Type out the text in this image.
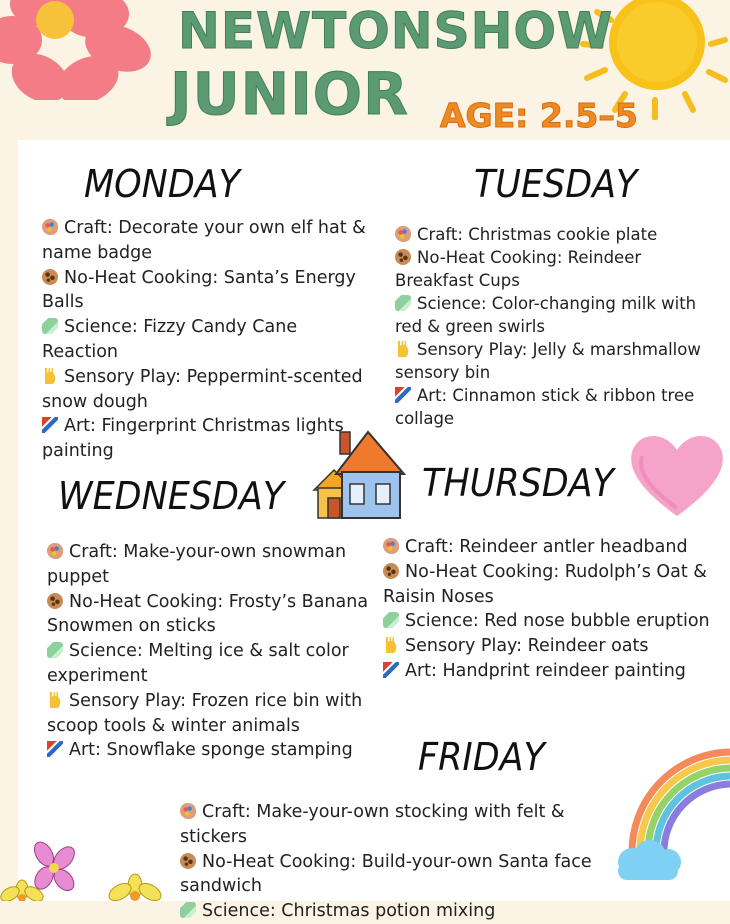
NEWTONSHOW
JUNIOR AGE: 2.5–5
MONDAY	TUESDAY
WEDNESDAY	THURSDAY
FRIDAY
Craft: Decorate your own elf hat & name badge
No-Heat Cooking: Santa’s Energy Balls
Science: Fizzy Candy Cane Reaction
Sensory Play: Peppermint-scented snow dough
Art: Fingerprint Christmas lights painting
Craft: Christmas cookie plate
No-Heat Cooking: Reindeer Breakfast Cups
Science: Color-changing milk with red & green swirls
Sensory Play: Jelly & marshmallow sensory bin
Art: Cinnamon stick & ribbon tree collage
Craft: Make-your-own snowman puppet
No-Heat Cooking: Frosty’s Banana Snowmen on sticks
Science: Melting ice & salt color experiment
Sensory Play: Frozen rice bin with scoop tools & winter animals
Art: Snowflake sponge stamping
Craft: Reindeer antler headband
No-Heat Cooking: Rudolph’s Oat & Raisin Noses
Science: Red nose bubble eruption
Sensory Play: Reindeer oats
Art: Handprint reindeer painting
Craft: Make-your-own stocking with felt & stickers
No-Heat Cooking: Build-your-own Santa face sandwich
Science: Christmas potion mixing
